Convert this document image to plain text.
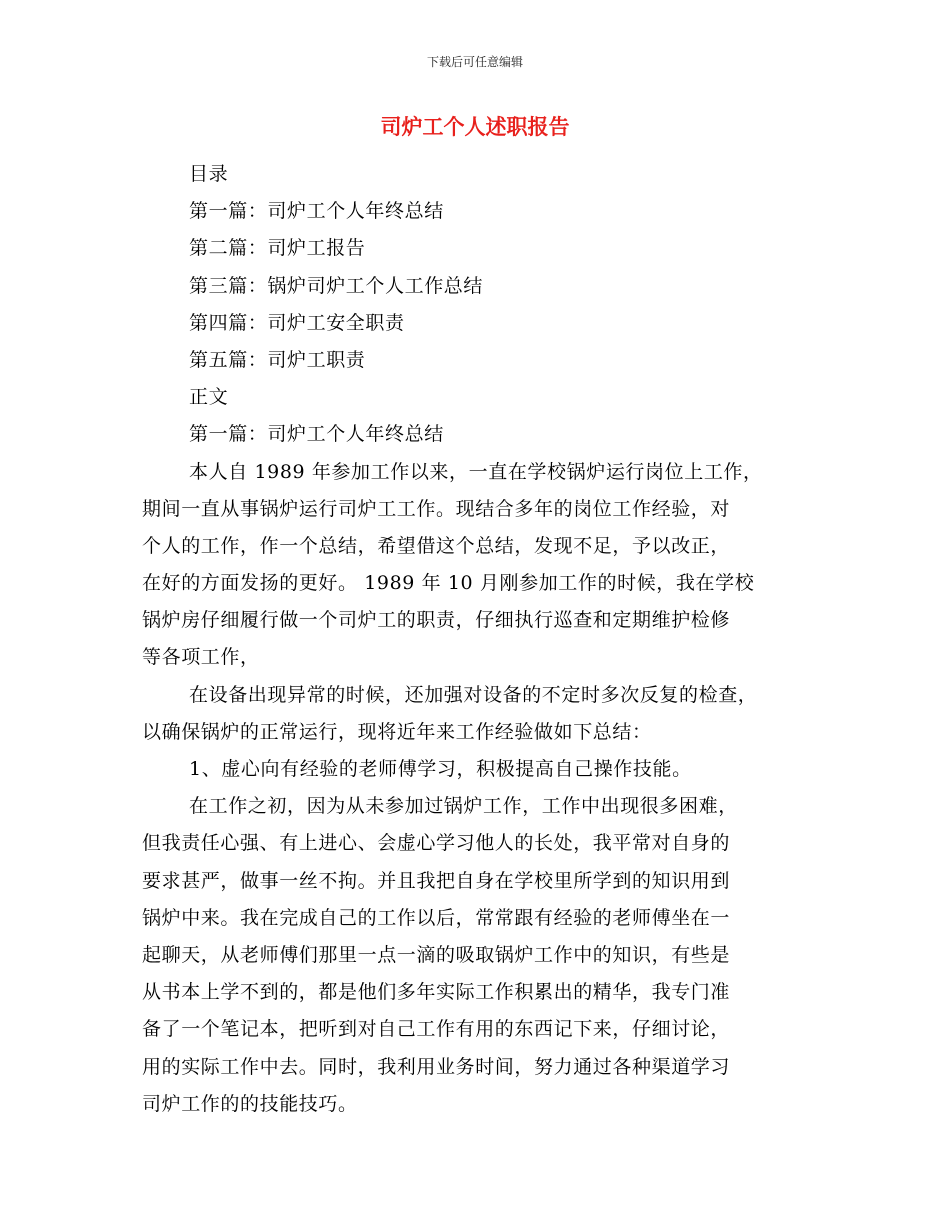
下载后可任意编辑
司炉工个人述职报告
目录
第一篇：司炉工个人年终总结
第二篇：司炉工报告
第三篇：锅炉司炉工个人工作总结
第四篇：司炉工安全职责
第五篇：司炉工职责
正文
第一篇：司炉工个人年终总结
本人自 1989 年参加工作以来，一直在学校锅炉运行岗位上工作，
期间一直从事锅炉运行司炉工工作。现结合多年的岗位工作经验，对
个人的工作，作一个总结，希望借这个总结，发现不足，予以改正，
在好的方面发扬的更好。 1989 年 10 月刚参加工作的时候，我在学校
锅炉房仔细履行做一个司炉工的职责，仔细执行巡查和定期维护检修
等各项工作，
在设备出现异常的时候，还加强对设备的不定时多次反复的检查，
以确保锅炉的正常运行，现将近年来工作经验做如下总结：
1、虚心向有经验的老师傅学习，积极提高自己操作技能。
在工作之初，因为从未参加过锅炉工作，工作中出现很多困难，
但我责任心强、有上进心、会虚心学习他人的长处，我平常对自身的
要求甚严，做事一丝不拘。并且我把自身在学校里所学到的知识用到
锅炉中来。我在完成自己的工作以后，常常跟有经验的老师傅坐在一
起聊天，从老师傅们那里一点一滴的吸取锅炉工作中的知识，有些是
从书本上学不到的，都是他们多年实际工作积累出的精华，我专门准
备了一个笔记本，把听到对自己工作有用的东西记下来，仔细讨论，
用的实际工作中去。同时，我利用业务时间，努力通过各种渠道学习
司炉工作的的技能技巧。
